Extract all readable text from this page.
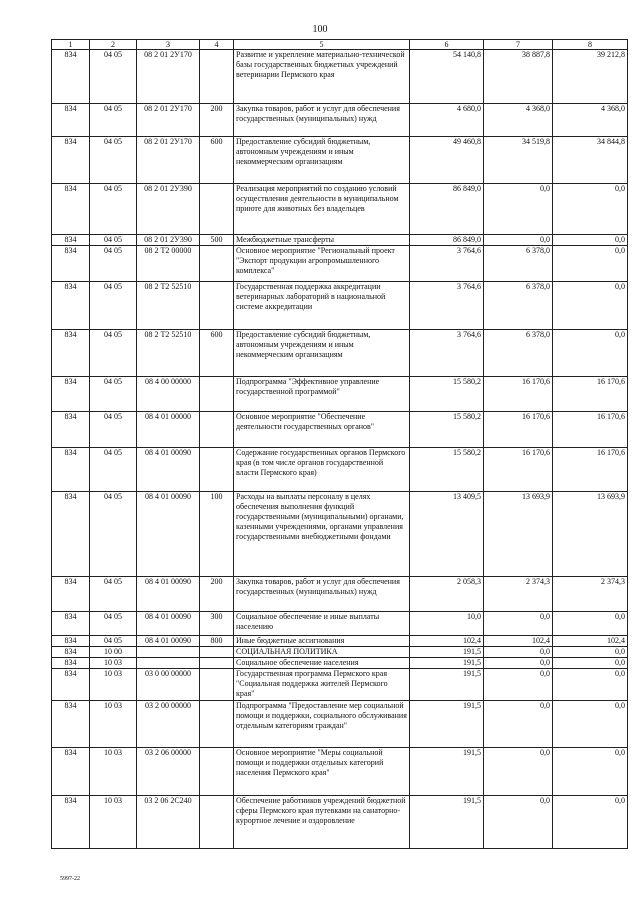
100
1	2	3	4	5	6	7	8
834	04 05	08 2 01 2У170		Развитие и укрепление материально-технической базы государственных бюджетных учреждений ветеринарии Пермского края	54 140,8	38 887,8	39 212,8
834	04 05	08 2 01 2У170	200	Закупка товаров, работ и услуг для обеспечения государственных (муниципальных) нужд	4 680,0	4 368,0	4 368,0
834	04 05	08 2 01 2У170	600	Предоставление субсидий бюджетным, автономным учреждениям и иным некоммерческим организациям	49 460,8	34 519,8	34 844,8
834	04 05	08 2 01 2У390		Реализация мероприятий по созданию условий осуществления деятельности в муниципальном приюте для животных без владельцев	86 849,0	0,0	0,0
834	04 05	08 2 01 2У390	500	Межбюджетные трансферты	86 849,0	0,0	0,0
834	04 05	08 2 Т2 00000		Основное мероприятие "Региональный проект "Экспорт продукции агропромышленного комплекса"	3 764,6	6 378,0	0,0
834	04 05	08 2 Т2 52510		Государственная поддержка аккредитации ветеринарных лабораторий в национальной системе аккредитации	3 764,6	6 378,0	0,0
834	04 05	08 2 Т2 52510	600	Предоставление субсидий бюджетным, автономным учреждениям и иным некоммерческим организациям	3 764,6	6 378,0	0,0
834	04 05	08 4 00 00000		Подпрограмма "Эффективное управление государственной программой"	15 580,2	16 170,6	16 170,6
834	04 05	08 4 01 00000		Основное мероприятие "Обеспечение деятельности государственных органов"	15 580,2	16 170,6	16 170,6
834	04 05	08 4 01 00090		Содержание государственных органов Пермского края (в том числе органов государственной власти Пермского края)	15 580,2	16 170,6	16 170,6
834	04 05	08 4 01 00090	100	Расходы на выплаты персоналу в целях обеспечения выполнения функций государственными (муниципальными) органами, казенными учреждениями, органами управления государственными внебюджетными фондами	13 409,5	13 693,9	13 693,9
834	04 05	08 4 01 00090	200	Закупка товаров, работ и услуг для обеспечения государственных (муниципальных) нужд	2 058,3	2 374,3	2 374,3
834	04 05	08 4 01 00090	300	Социальное обеспечение и иные выплаты населению	10,0	0,0	0,0
834	04 05	08 4 01 00090	800	Иные бюджетные ассигнования	102,4	102,4	102,4
834	10 00			СОЦИАЛЬНАЯ ПОЛИТИКА	191,5	0,0	0,0
834	10 03			Социальное обеспечение населения	191,5	0,0	0,0
834	10 03	03 0 00 00000		Государственная программа Пермского края "Социальная поддержка жителей Пермского края"	191,5	0,0	0,0
834	10 03	03 2 00 00000		Подпрограмма "Предоставление мер социальной помощи и поддержки, социального обслуживания отдельным категориям граждан"	191,5	0,0	0,0
834	10 03	03 2 06 00000		Основное мероприятие "Меры социальной помощи и поддержки отдельных категорий населения Пермского края"	191,5	0,0	0,0
834	10 03	03 2 06 2С240		Обеспечение работников учреждений бюджетной сферы Пермского края путевками на санаторно-курортное лечение и оздоровление	191,5	0,0	0,0
5997-22
